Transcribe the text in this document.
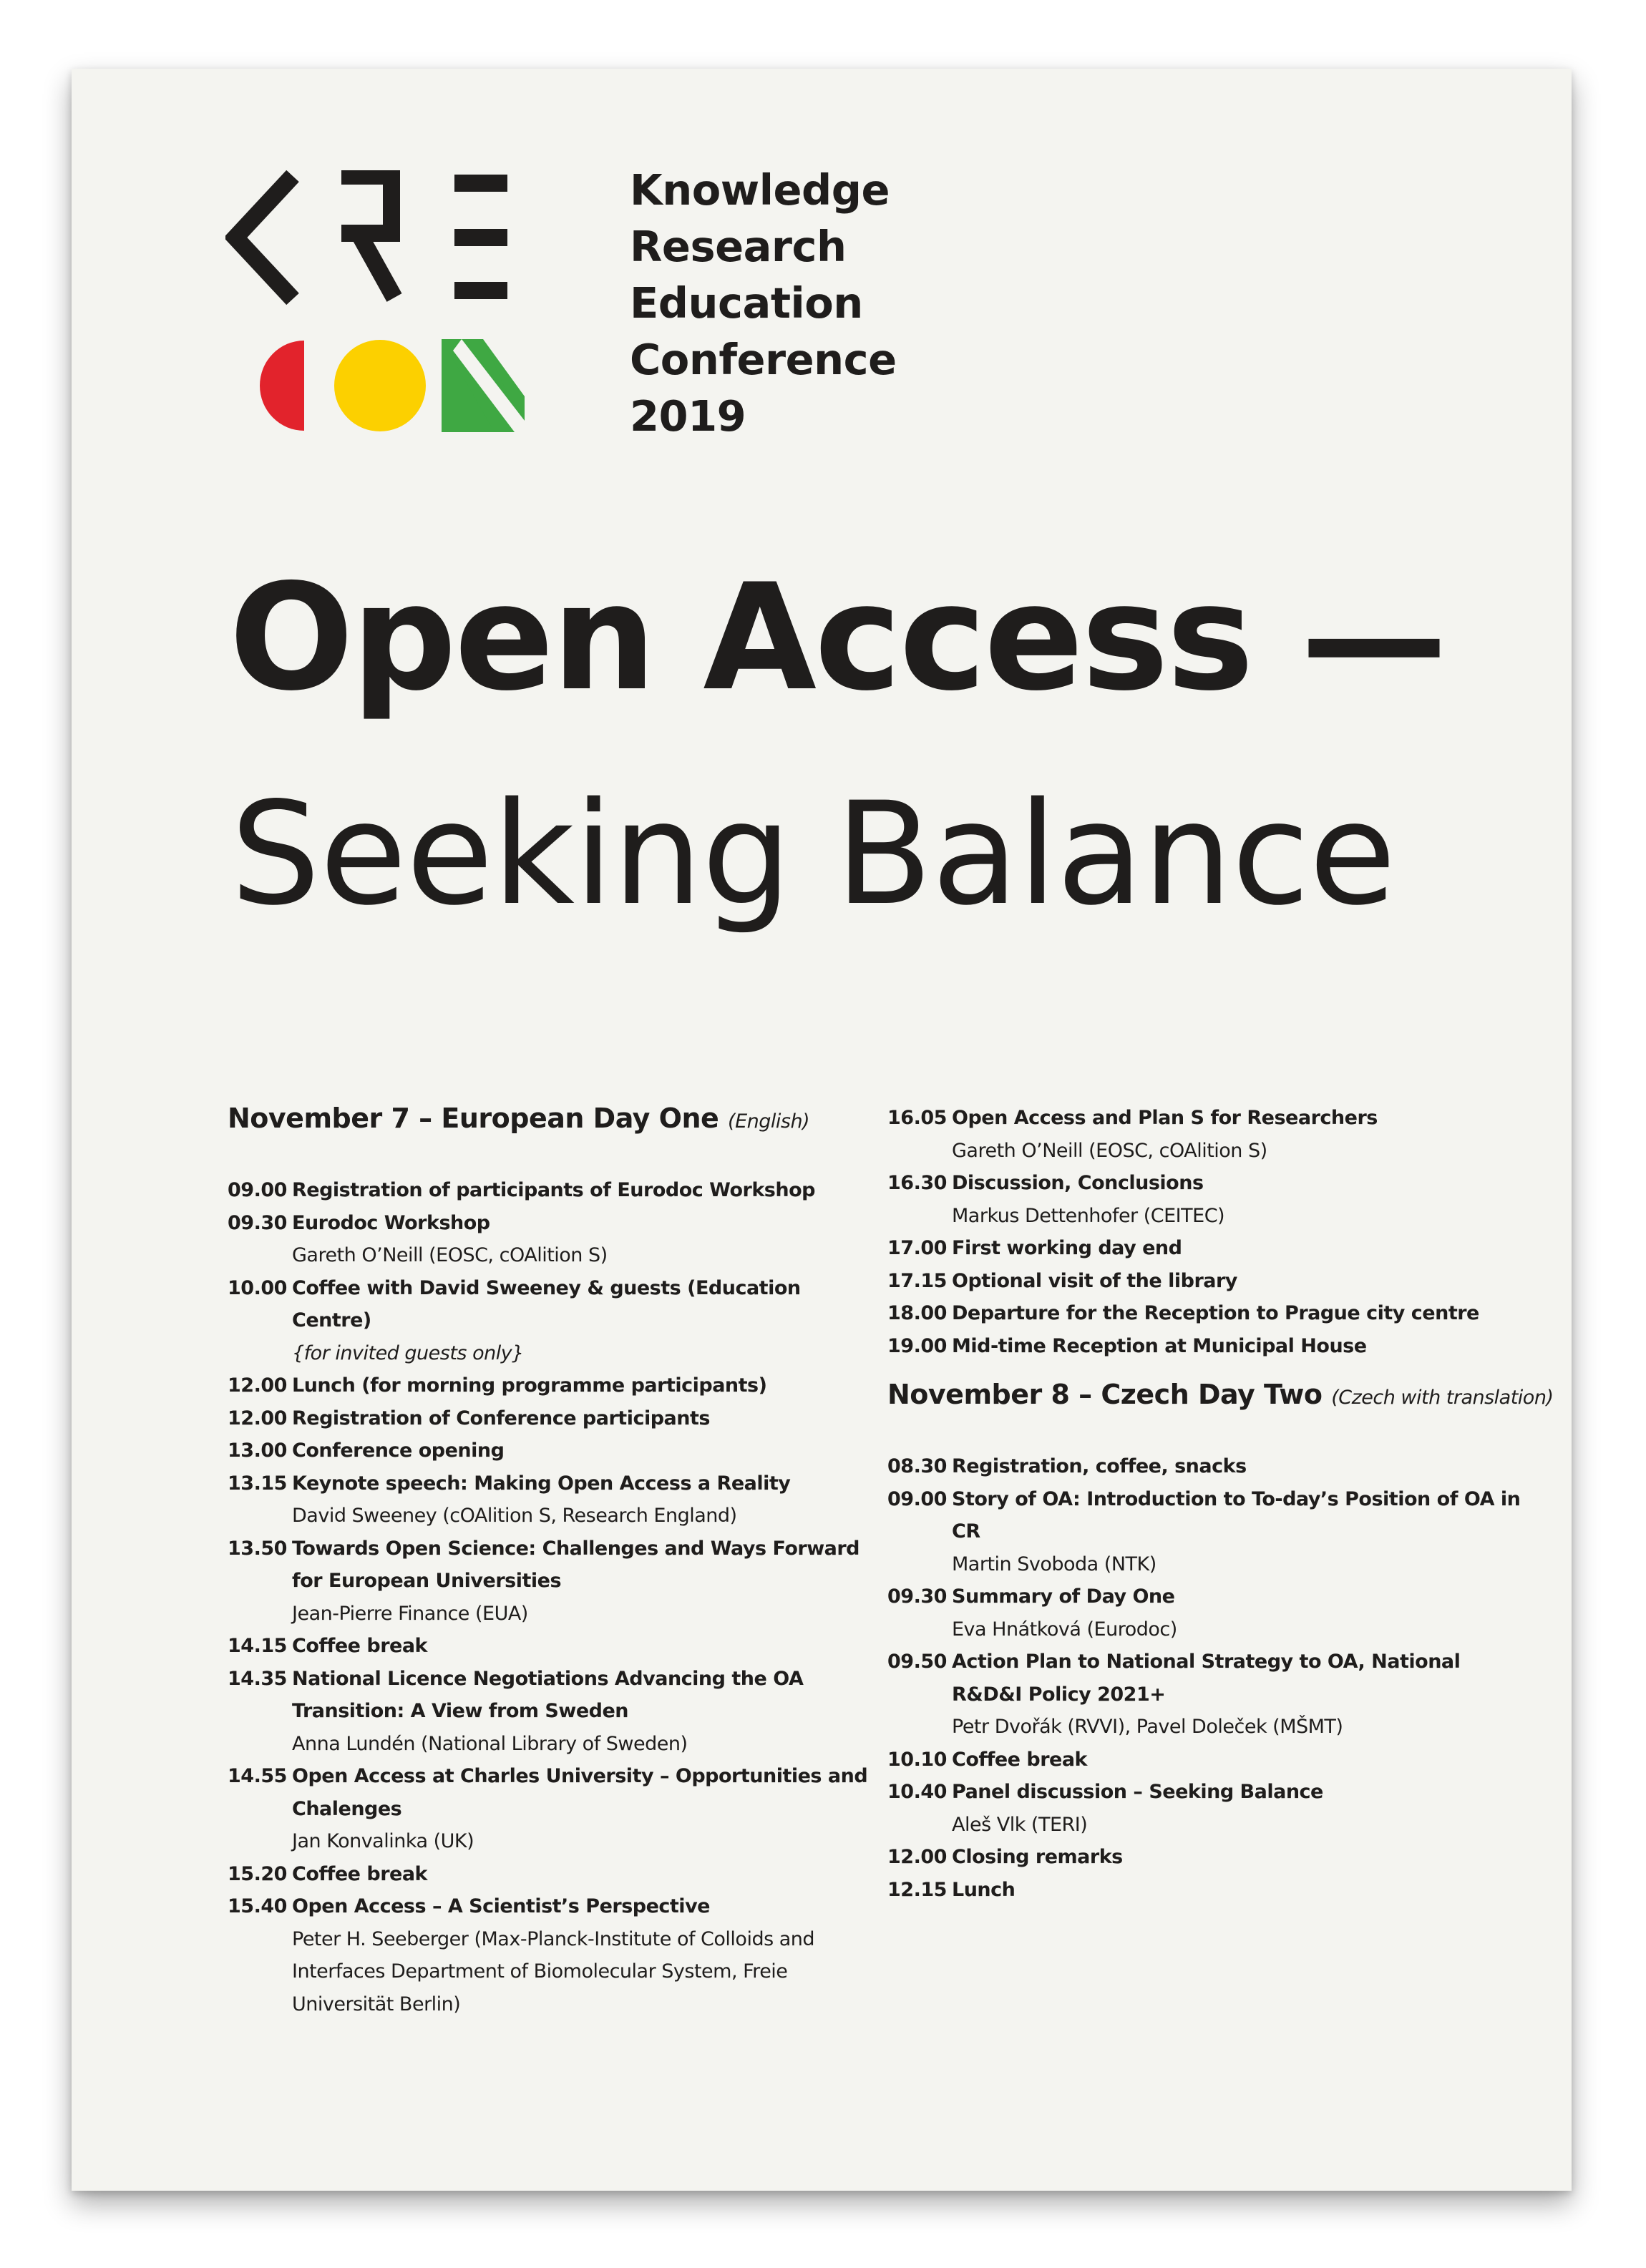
Knowledge
Research
Education
Conference
2019
Open Access —
Seeking Balance
November 7 – European Day One (English)
09.00 Registration of participants of Eurodoc Workshop
09.30 Eurodoc Workshop
Gareth O’Neill (EOSC, cOAlition S)
10.00 Coffee with David Sweeney & guests (Education Centre)
{for invited guests only}
12.00 Lunch (for morning programme participants)
12.00 Registration of Conference participants
13.00 Conference opening
13.15 Keynote speech: Making Open Access a Reality
David Sweeney (cOAlition S, Research England)
13.50 Towards Open Science: Challenges and Ways Forward for European Universities
Jean-Pierre Finance (EUA)
14.15 Coffee break
14.35 National Licence Negotiations Advancing the OA Transition: A View from Sweden
Anna Lundén (National Library of Sweden)
14.55 Open Access at Charles University – Opportunities and Chalenges
Jan Konvalinka (UK)
15.20 Coffee break
15.40 Open Access – A Scientist’s Perspective
Peter H. Seeberger (Max-Planck-Institute of Colloids and Interfaces Department of Biomolecular System, Freie Universität Berlin)
16.05 Open Access and Plan S for Researchers
Gareth O’Neill (EOSC, cOAlition S)
16.30 Discussion, Conclusions
Markus Dettenhofer (CEITEC)
17.00 First working day end
17.15 Optional visit of the library
18.00 Departure for the Reception to Prague city centre
19.00 Mid-time Reception at Municipal House
November 8 – Czech Day Two (Czech with translation)
08.30 Registration, coffee, snacks
09.00 Story of OA: Introduction to To-day’s Position of OA in CR
Martin Svoboda (NTK)
09.30 Summary of Day One
Eva Hnátková (Eurodoc)
09.50 Action Plan to National Strategy to OA, National R&D&I Policy 2021+
Petr Dvořák (RVVI), Pavel Doleček (MŠMT)
10.10 Coffee break
10.40 Panel discussion – Seeking Balance
Aleš Vlk (TERI)
12.00 Closing remarks
12.15 Lunch
